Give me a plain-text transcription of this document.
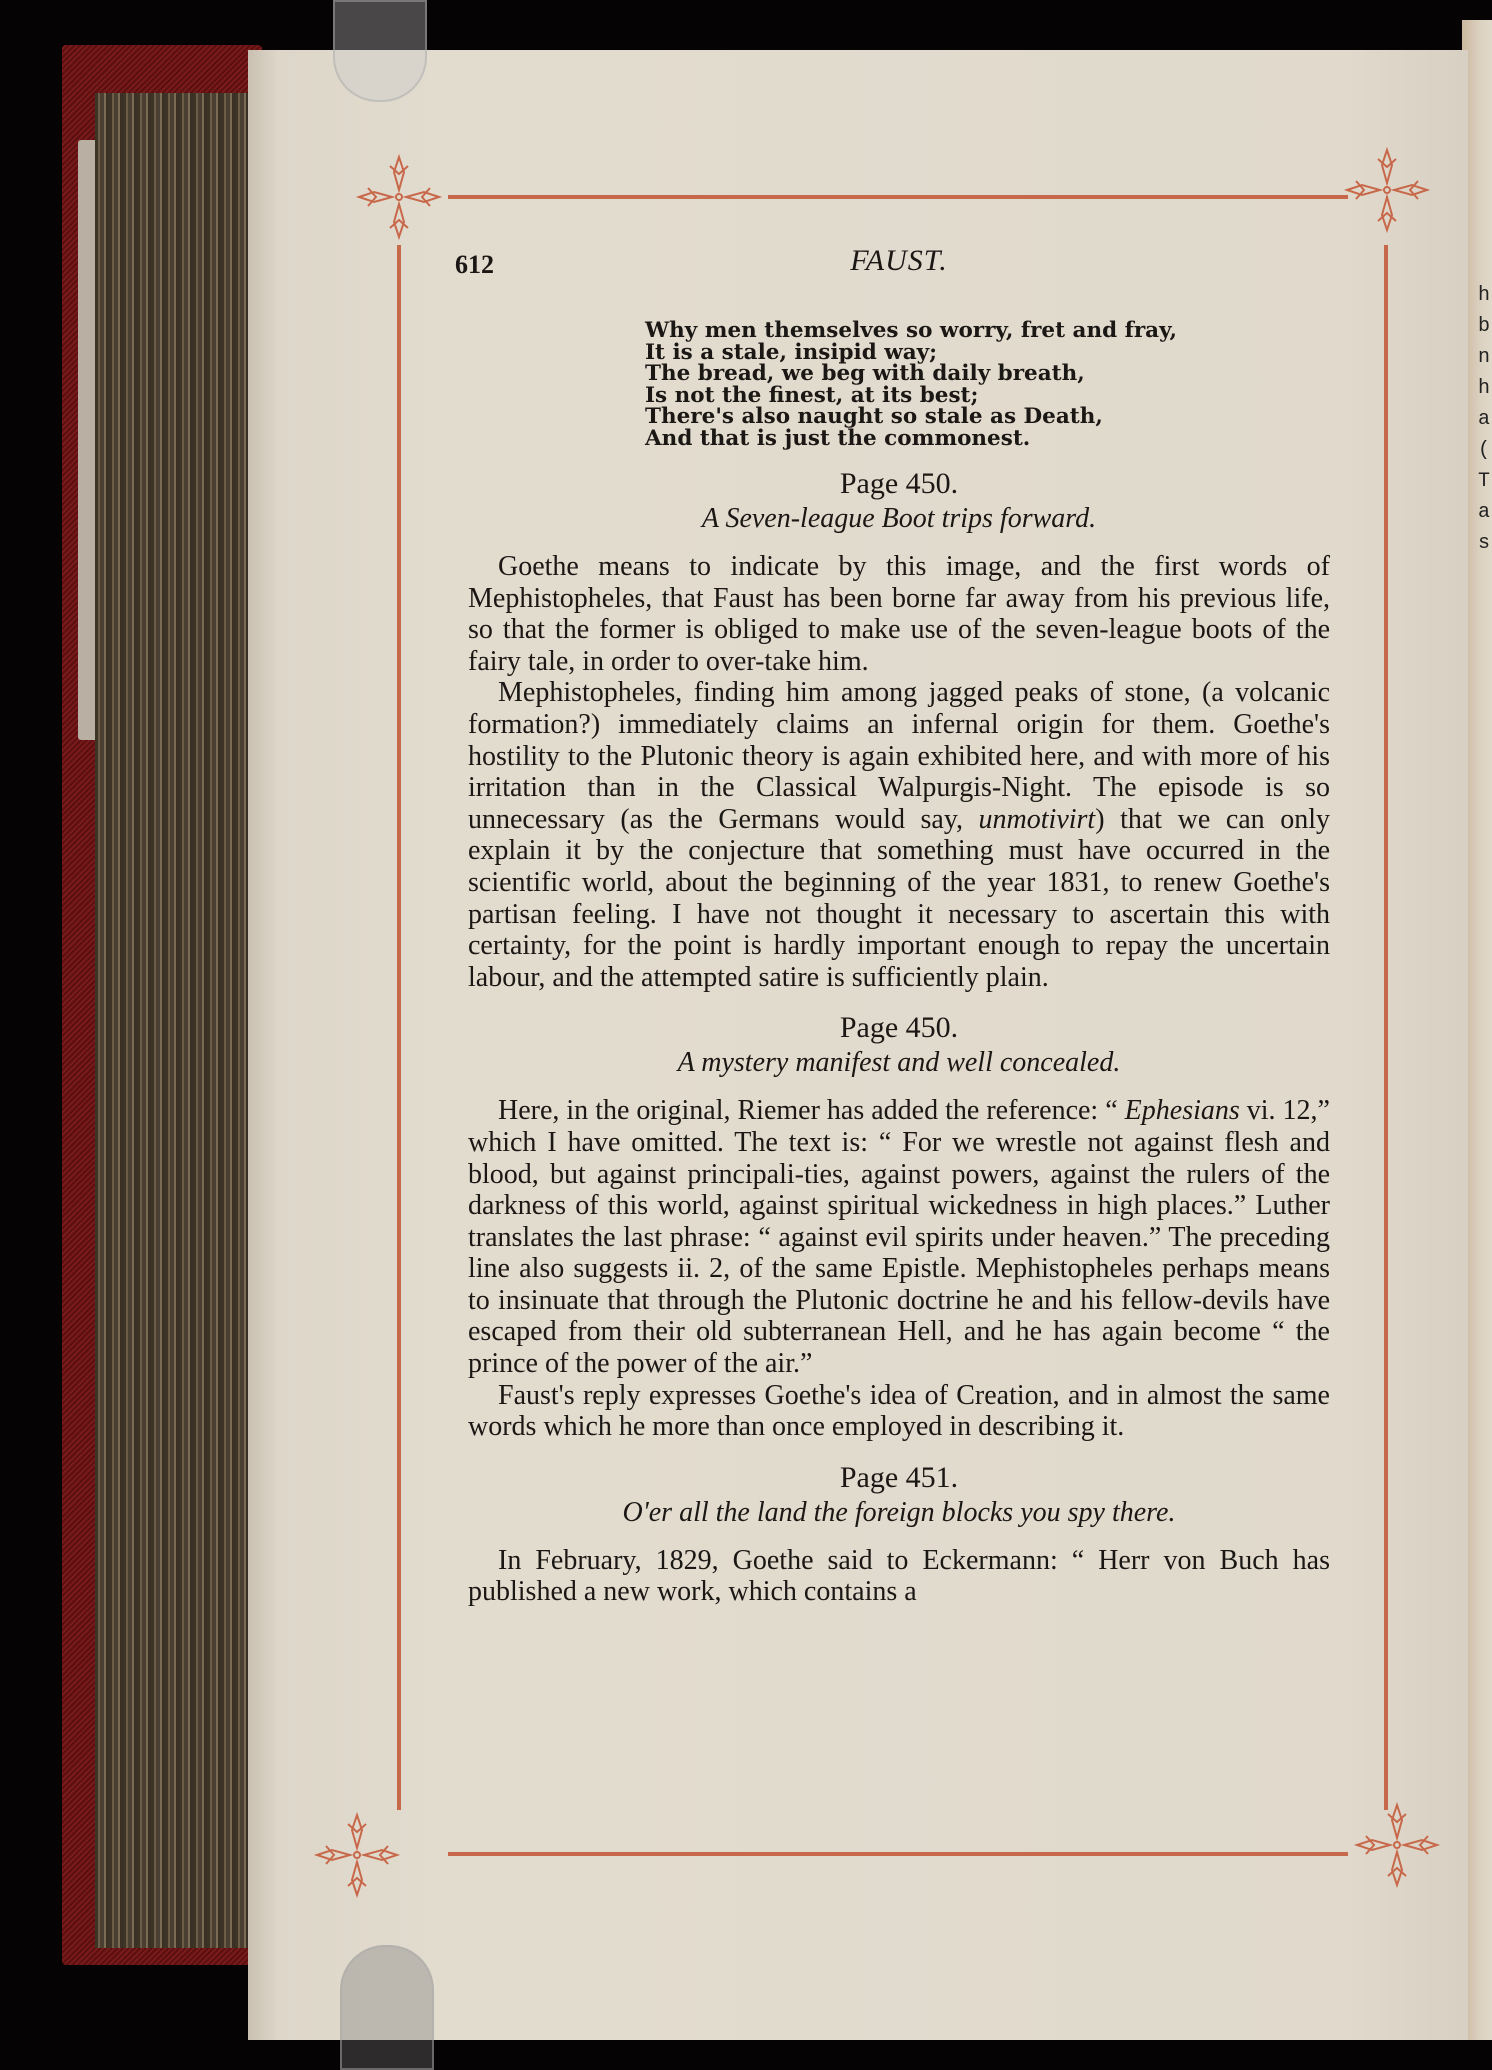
h
b
n
h
a
(
T
a
s
612	FAUST.
Why men themselves so worry, fret and fray,
It is a stale, insipid way;
The bread, we beg with daily breath,
Is not the finest, at its best;
There's also naught so stale as Death,
And that is just the commonest.
Page 450.
A Seven-league Boot trips forward.

Goethe means to indicate by this image, and the first words of Mephistopheles, that Faust has been borne far away from his previous life, so that the former is obliged to make use of the seven-league boots of the fairy tale, in order to over-take him.

Mephistopheles, finding him among jagged peaks of stone, (a volcanic formation?) immediately claims an infernal origin for them. Goethe's hostility to the Plutonic theory is again exhibited here, and with more of his irritation than in the Classical Walpurgis-Night. The episode is so unnecessary (as the Germans would say, unmotivirt) that we can only explain it by the conjecture that something must have occurred in the scientific world, about the beginning of the year 1831, to renew Goethe's partisan feeling. I have not thought it necessary to ascertain this with certainty, for the point is hardly important enough to repay the uncertain labour, and the attempted satire is sufficiently plain.

Page 450.
A mystery manifest and well concealed.

Here, in the original, Riemer has added the reference: “ Ephesians vi. 12,” which I have omitted. The text is: “ For we wrestle not against flesh and blood, but against principali-ties, against powers, against the rulers of the darkness of this world, against spiritual wickedness in high places.” Luther translates the last phrase: “ against evil spirits under heaven.” The preceding line also suggests ii. 2, of the same Epistle. Mephistopheles perhaps means to insinuate that through the Plutonic doctrine he and his fellow-devils have escaped from their old subterranean Hell, and he has again become “ the prince of the power of the air.”

Faust's reply expresses Goethe's idea of Creation, and in almost the same words which he more than once employed in describing it.

Page 451.
O'er all the land the foreign blocks you spy there.

In February, 1829, Goethe said to Eckermann: “ Herr von Buch has published a new work, which contains a
